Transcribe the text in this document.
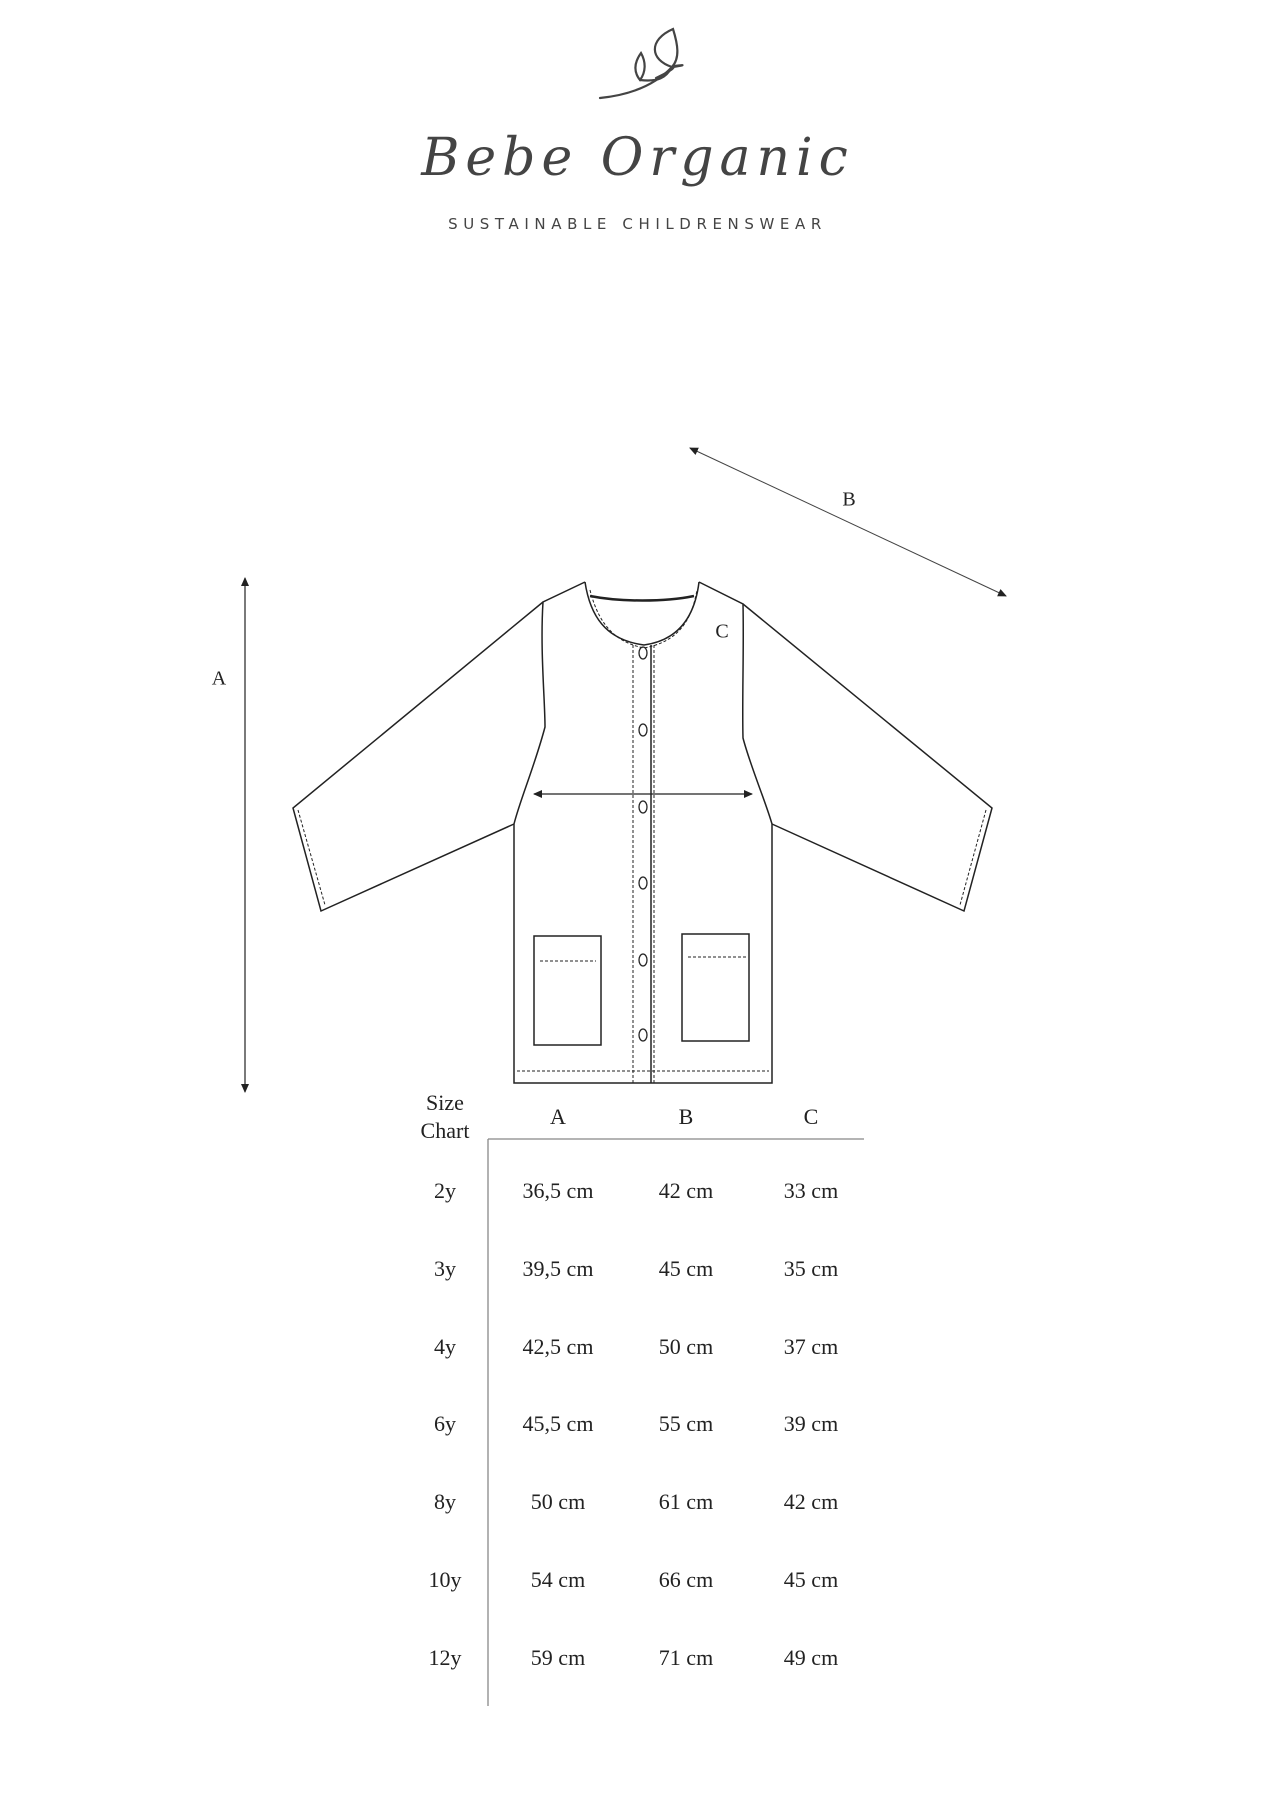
Bebe Organic
SUSTAINABLE CHILDRENSWEAR
A
B
C
Size
Chart
A	B	C
2y	36,5 cm	42 cm	33 cm
3y	39,5 cm	45 cm	35 cm
4y	42,5 cm	50 cm	37 cm
6y	45,5 cm	55 cm	39 cm
8y	50 cm	61 cm	42 cm
10y	54 cm	66 cm	45 cm
12y	59 cm	71 cm	49 cm
